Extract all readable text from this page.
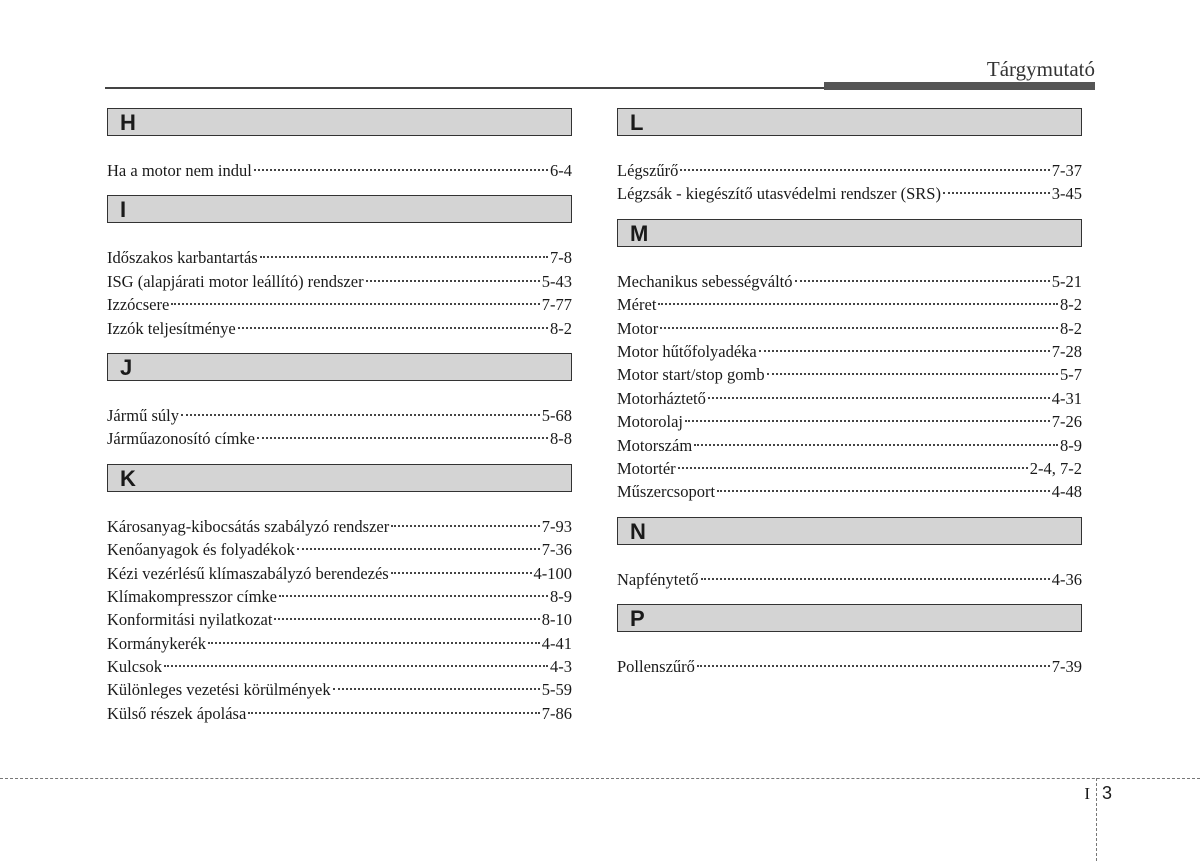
Tárgymutató
H
Ha a motor nem indul	6-4
I
Időszakos karbantartás	7-8
ISG (alapjárati motor leállító) rendszer	5-43
Izzócsere	7-77
Izzók teljesítménye	8-2
J
Jármű súly	5-68
Járműazonosító címke	8-8
K
Károsanyag-kibocsátás szabályzó rendszer	7-93
Kenőanyagok és folyadékok	7-36
Kézi vezérlésű klímaszabályzó berendezés	4-100
Klímakompresszor címke	8-9
Konformitási nyilatkozat	8-10
Kormánykerék	4-41
Kulcsok	4-3
Különleges vezetési körülmények	5-59
Külső részek ápolása	7-86
L
Légszűrő	7-37
Légzsák - kiegészítő utasvédelmi rendszer (SRS)	3-45
M
Mechanikus sebességváltó	5-21
Méret	8-2
Motor	8-2
Motor hűtőfolyadéka	7-28
Motor start/stop gomb	5-7
Motorháztető	4-31
Motorolaj	7-26
Motorszám	8-9
Motortér	2-4, 7-2
Műszercsoport	4-48
N
Napfénytető	4-36
P
Pollenszűrő	7-39
I 3
